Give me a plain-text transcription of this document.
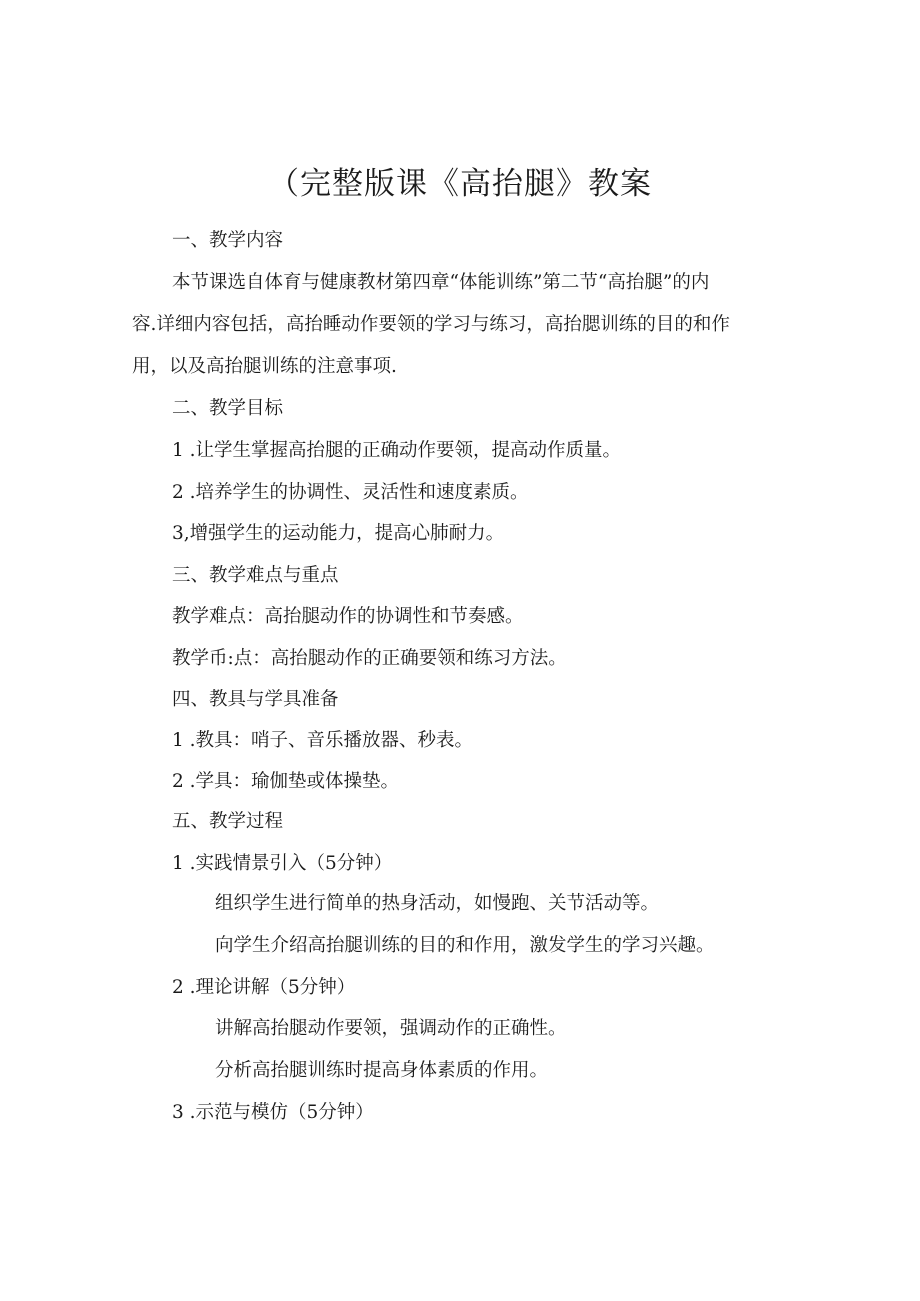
（完整版课《高抬腿》教案

一、教学内容

本节课选自体育与健康教材第四章“体能训练”第二节“高抬腿”的内

容.详细内容包括，高抬睡动作要领的学习与练习，高抬腮训练的目的和作

用，以及高抬腿训练的注意事项.

二、教学目标

1 .让学生掌握高抬腿的正确动作要领，提高动作质量。

2 .培养学生的协调性、灵活性和速度素质。

3,增强学生的运动能力，提高心肺耐力。

三、教学难点与重点

教学难点：高抬腿动作的协调性和节奏感。

教学币:点：高抬腿动作的正确要领和练习方法。

四、教具与学具准备

1 .教具：哨子、音乐播放器、秒表。

2 .学具：瑜伽垫或体操垫。

五、教学过程

1 .实践情景引入（5分钟）

组织学生进行简单的热身活动，如慢跑、关节活动等。

向学生介绍高抬腿训练的目的和作用，激发学生的学习兴趣。

2 .理论讲解（5分钟）

讲解高抬腿动作要领，强调动作的正确性。

分析高抬腿训练时提高身体素质的作用。

3 .示范与模仿（5分钟）
